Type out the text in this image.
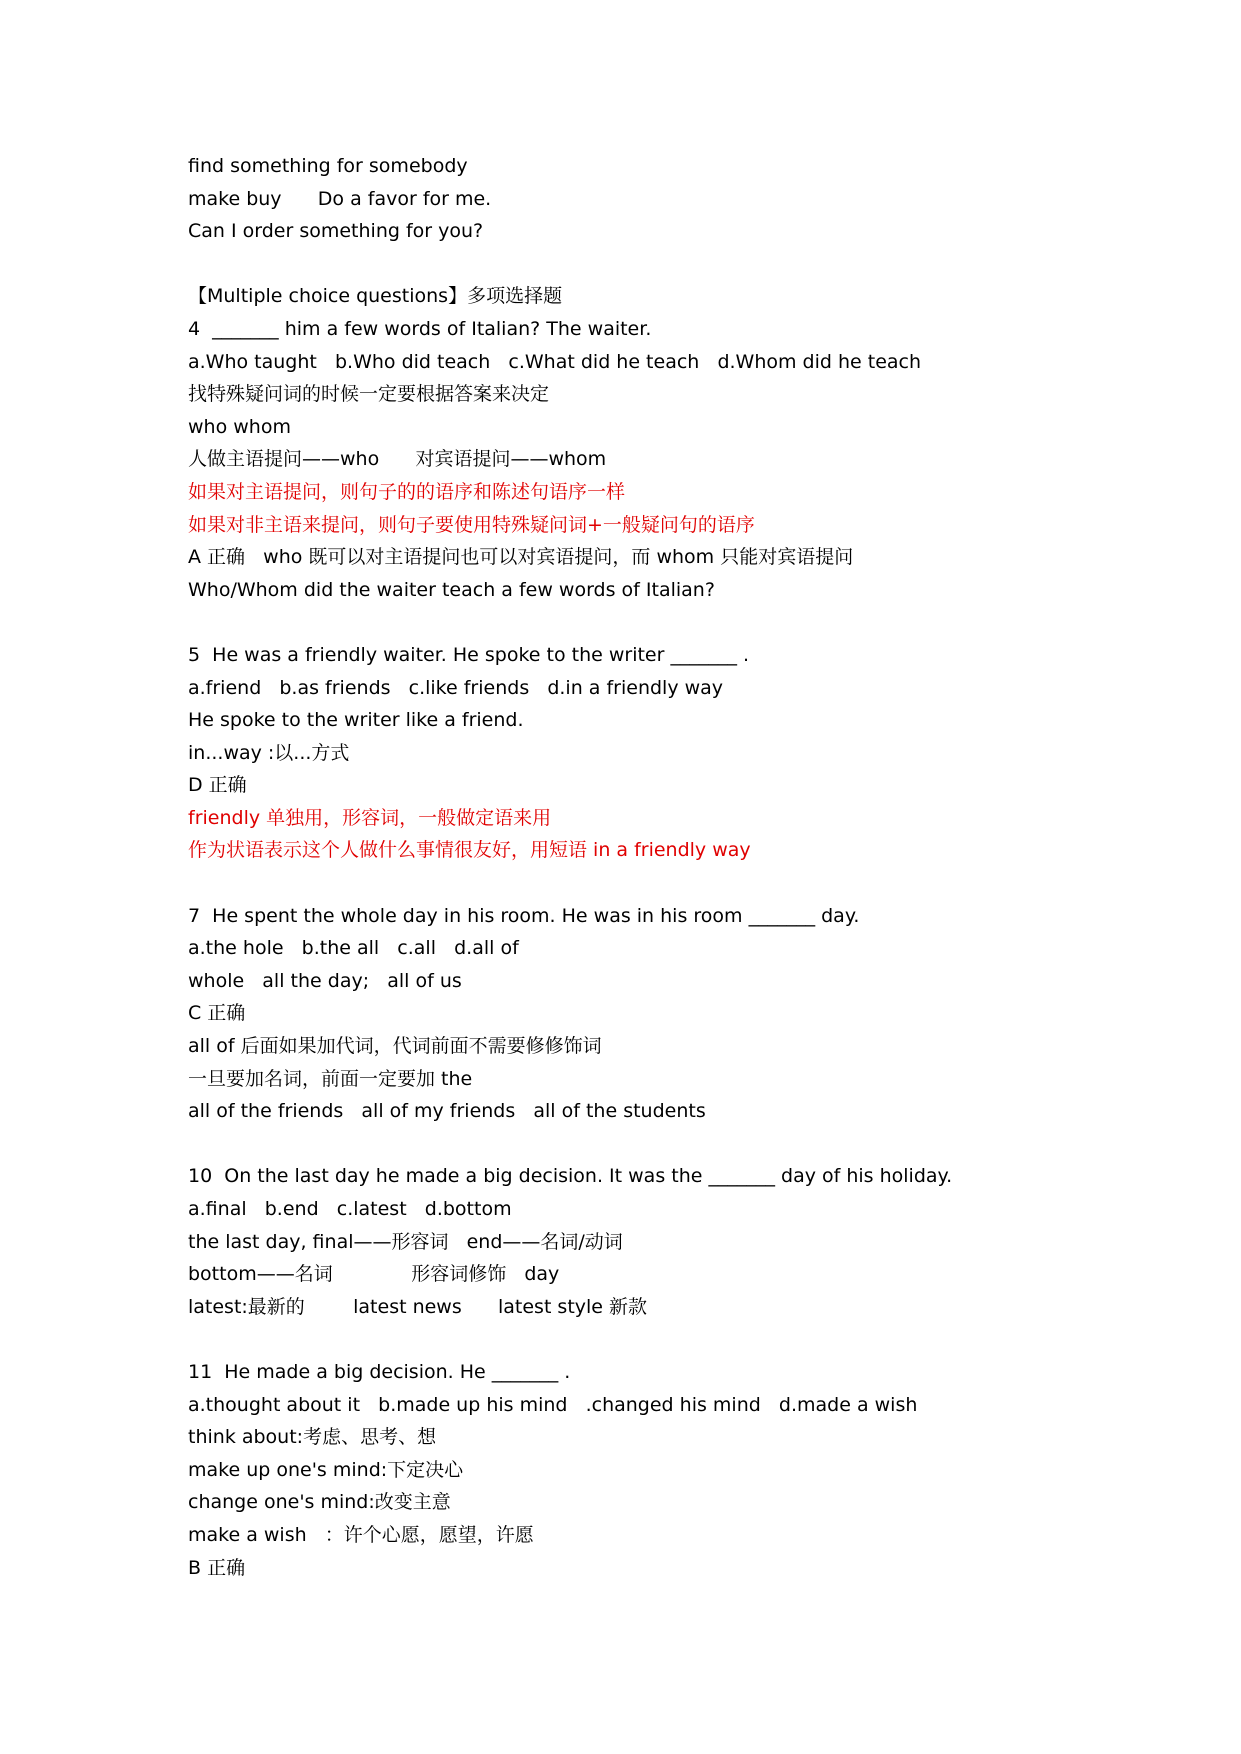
find something for somebody
make buy      Do a favor for me.
Can I order something for you?
【Multiple choice questions】多项选择题
4  _______ him a few words of Italian? The waiter.
a.Who taught   b.Who did teach   c.What did he teach   d.Whom did he teach
找特殊疑问词的时候一定要根据答案来决定
who whom
人做主语提问——who      对宾语提问——whom
如果对主语提问，则句子的的语序和陈述句语序一样
如果对非主语来提问，则句子要使用特殊疑问词+一般疑问句的语序
A 正确   who 既可以对主语提问也可以对宾语提问，而 whom 只能对宾语提问
Who/Whom did the waiter teach a few words of Italian?
5  He was a friendly waiter. He spoke to the writer _______ .
a.friend   b.as friends   c.like friends   d.in a friendly way
He spoke to the writer like a friend.
in...way :以...方式
D 正确
friendly 单独用，形容词，一般做定语来用
作为状语表示这个人做什么事情很友好，用短语 in a friendly way
7  He spent the whole day in his room. He was in his room _______ day.
a.the hole   b.the all   c.all   d.all of
whole   all the day;   all of us
C 正确
all of 后面如果加代词，代词前面不需要修修饰词
一旦要加名词，前面一定要加 the
all of the friends   all of my friends   all of the students
10  On the last day he made a big decision. It was the _______ day of his holiday.
a.final   b.end   c.latest   d.bottom
the last day, final——形容词   end——名词/动词
bottom——名词             形容词修饰   day
latest:最新的        latest news      latest style 新款
11  He made a big decision. He _______ .
a.thought about it   b.made up his mind   .changed his mind   d.made a wish
think about:考虑、思考、想
make up one's mind:下定决心
change one's mind:改变主意
make a wish   ：许个心愿，愿望，许愿
B 正确
